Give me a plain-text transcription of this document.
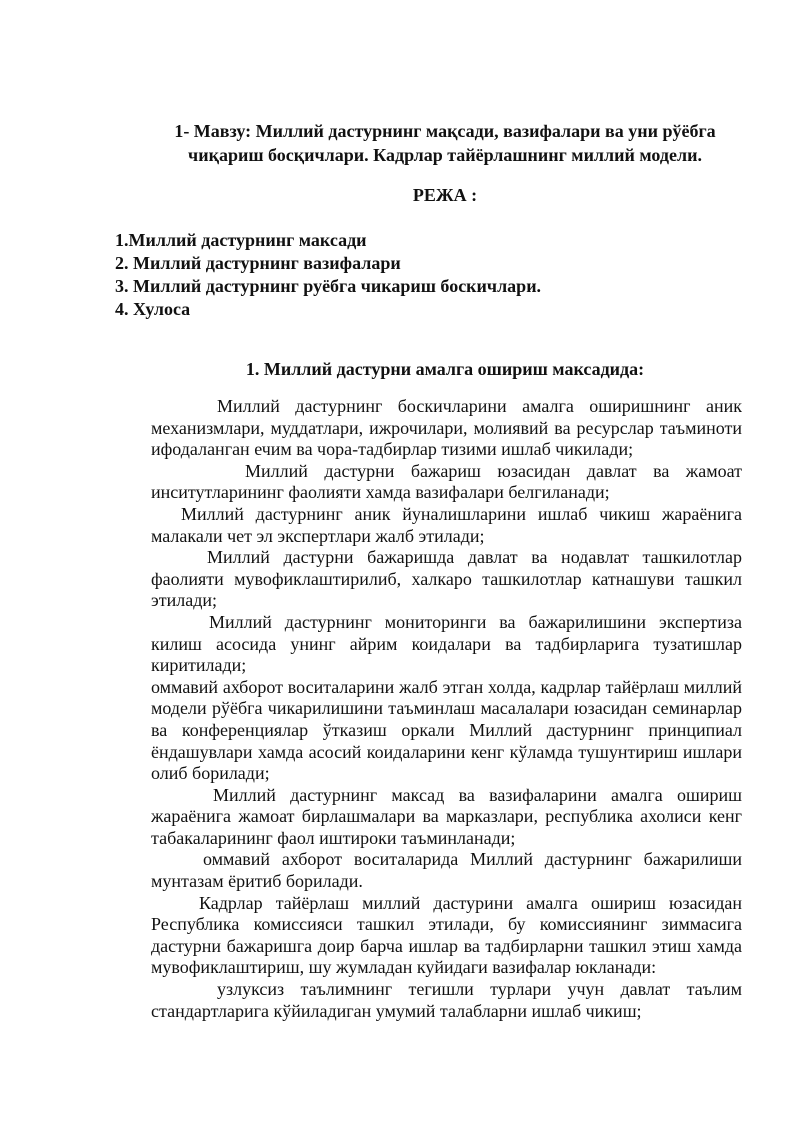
1- Мавзу: Миллий дастурнинг мақсади, вазифалари ва уни рўёбга
чиқариш босқичлари. Кадрлар тайёрлашнинг миллий модели.
РЕЖА :
1.Миллий дастурнинг максади
2. Миллий дастурнинг вазифалари
3. Миллий дастурнинг руёбга чикариш боскичлари.
4. Хулоса
1. Миллий дастурни амалга ошириш максадида:

Миллий дастурнинг боскичларини амалга оширишнинг аник механизмлари, муддатлари, ижрочилари, молиявий ва ресурслар таъминоти ифодаланган ечим ва чора-тадбирлар тизими ишлаб чикилади;

Миллий дастурни бажариш юзасидан давлат ва жамоат инситутларининг фаолияти хамда вазифалари белгиланади;

Миллий дастурнинг аник йуналишларини ишлаб чикиш жараёнига малакали чет эл экспертлари жалб этилади;

Миллий дастурни бажаришда давлат ва нодавлат ташкилотлар фаолияти мувофиклаштирилиб, халкаро ташкилотлар катнашуви ташкил этилади;

Миллий дастурнинг мониторинги ва бажарилишини экспертиза килиш асосида унинг айрим коидалари ва тадбирларига тузатишлар киритилади;

оммавий ахборот воситаларини жалб этган холда, кадрлар тайёрлаш миллий модели рўёбга чикарилишини таъминлаш масалалари юзасидан семинарлар ва конференциялар ўтказиш оркали Миллий дастурнинг принципиал ёндашувлари хамда асосий коидаларини кенг кўламда тушунтириш ишлари олиб борилади;

Миллий дастурнинг максад ва вазифаларини амалга ошириш жараёнига жамоат бирлашмалари ва марказлари, республика ахолиси кенг табакаларининг фаол иштироки таъминланади;

оммавий ахборот воситаларида Миллий дастурнинг бажарилиши мунтазам ёритиб борилади.

Кадрлар тайёрлаш миллий дастурини амалга ошириш юзасидан Республика комиссияси ташкил этилади, бу комиссиянинг зиммасига дастурни бажаришга доир барча ишлар ва тадбирларни ташкил этиш хамда мувофиклаштириш, шу жумладан куйидаги вазифалар юкланади:

узлуксиз таълимнинг тегишли турлари учун давлат таълим стандартларига кўйиладиган умумий талабларни ишлаб чикиш;
